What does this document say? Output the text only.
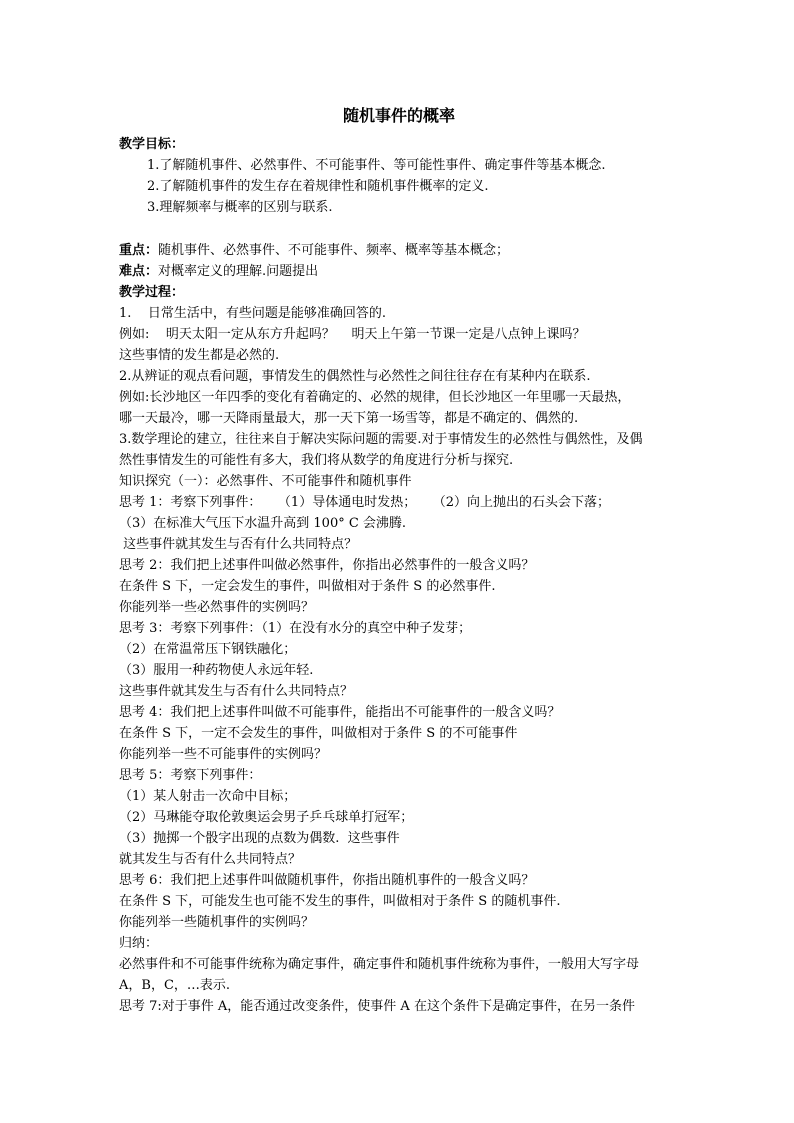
随机事件的概率

教学目标：

1.了解随机事件、必然事件、不可能事件、等可能性事件、确定事件等基本概念.

2.了解随机事件的发生存在着规律性和随机事件概率的定义.

3.理解频率与概率的区别与联系.

重点：随机事件、必然事件、不可能事件、频率、概率等基本概念；

难点：对概率定义的理解.问题提出

教学过程：

1.    日常生活中，有些问题是能够准确回答的.

例如:    明天太阳一定从东方升起吗？    明天上午第一节课一定是八点钟上课吗？

这些事情的发生都是必然的.

2.从辨证的观点看问题，事情发生的偶然性与必然性之间往往存在有某种内在联系.

例如:长沙地区一年四季的变化有着确定的、必然的规律，但长沙地区一年里哪一天最热，

哪一天最冷，哪一天降雨量最大，那一天下第一场雪等，都是不确定的、偶然的.

3.数学理论的建立，往往来自于解决实际问题的需要.对于事情发生的必然性与偶然性，及偶

然性事情发生的可能性有多大，我们将从数学的角度进行分析与探究.

知识探究（一）：必然事件、不可能事件和随机事件

思考 1：考察下列事件：    （1）导体通电时发热；    （2）向上抛出的石头会下落；

（3）在标准大气压下水温升高到 100° C 会沸腾.

这些事件就其发生与否有什么共同特点？

思考 2：我们把上述事件叫做必然事件，你指出必然事件的一般含义吗？

在条件 S 下，一定会发生的事件，叫做相对于条件 S 的必然事件.

你能列举一些必然事件的实例吗？

思考 3：考察下列事件：（1）在没有水分的真空中种子发芽；

（2）在常温常压下钢铁融化；

（3）服用一种药物使人永远年轻.

这些事件就其发生与否有什么共同特点？

思考 4：我们把上述事件叫做不可能事件，能指出不可能事件的一般含义吗？

在条件 S 下，一定不会发生的事件，叫做相对于条件 S 的不可能事件

你能列举一些不可能事件的实例吗？

思考 5：考察下列事件：

（1）某人射击一次命中目标；

（2）马琳能夺取伦敦奥运会男子乒乓球单打冠军；

（3）抛掷一个骰字出现的点数为偶数.  这些事件

就其发生与否有什么共同特点？

思考 6：我们把上述事件叫做随机事件，你指出随机事件的一般含义吗？

在条件 S 下，可能发生也可能不发生的事件，叫做相对于条件 S 的随机事件.

你能列举一些随机事件的实例吗？

归纳：

必然事件和不可能事件统称为确定事件，确定事件和随机事件统称为事件，一般用大写字母

A，B，C，…表示.

思考 7:对于事件 A，能否通过改变条件，使事件 A 在这个条件下是确定事件，在另一条件
